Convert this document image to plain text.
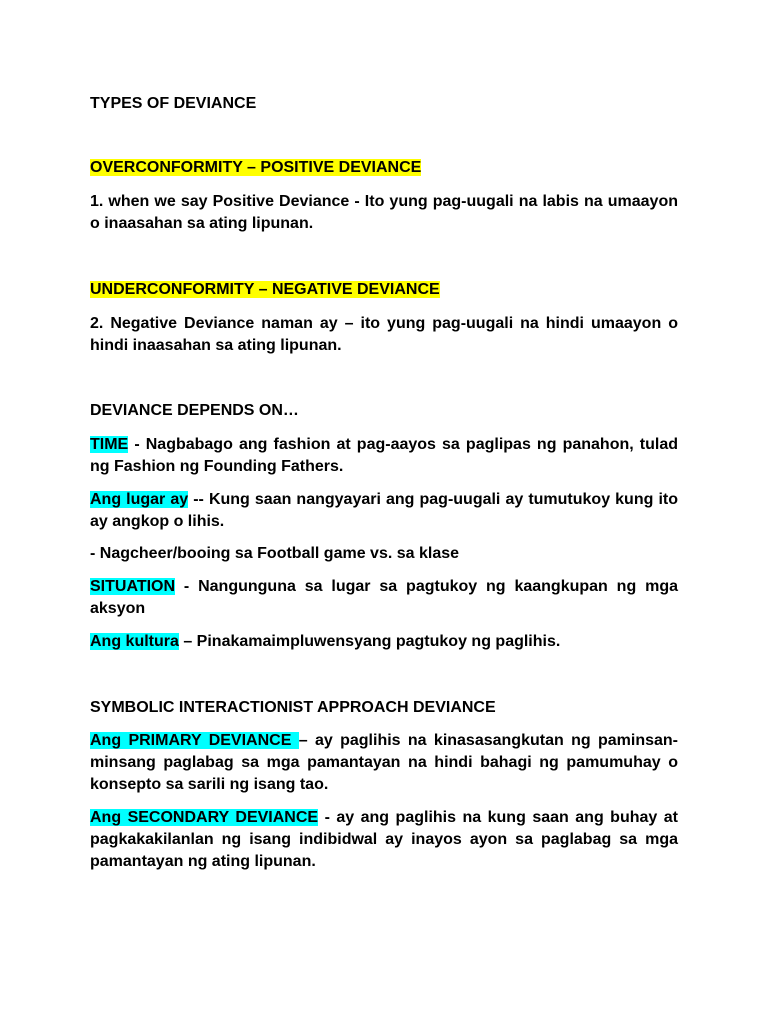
TYPES OF DEVIANCE

OVERCONFORMITY – POSITIVE DEVIANCE

1. when we say Positive Deviance - Ito yung pag-uugali na labis na umaayon o inaasahan sa ating lipunan.

UNDERCONFORMITY – NEGATIVE DEVIANCE

2. Negative Deviance naman ay – ito yung pag-uugali na hindi umaayon o hindi inaasahan sa ating lipunan.

DEVIANCE DEPENDS ON…

TIME - Nagbabago ang fashion at pag-aayos sa paglipas ng panahon, tulad ng Fashion ng Founding Fathers.

Ang lugar ay -- Kung saan nangyayari ang pag-uugali ay tumutukoy kung ito ay angkop o lihis.

- Nagcheer/booing sa Football game vs. sa klase

SITUATION - Nangunguna sa lugar sa pagtukoy ng kaangkupan ng mga aksyon

Ang kultura – Pinakamaimpluwensyang pagtukoy ng paglihis.

SYMBOLIC INTERACTIONIST APPROACH DEVIANCE

Ang PRIMARY DEVIANCE – ay paglihis na kinasasangkutan ng paminsan-minsang paglabag sa mga pamantayan na hindi bahagi ng pamumuhay o konsepto sa sarili ng isang tao.

Ang SECONDARY DEVIANCE - ay ang paglihis na kung saan ang buhay at pagkakakilanlan ng isang indibidwal ay inayos ayon sa paglabag sa mga pamantayan ng ating lipunan.
